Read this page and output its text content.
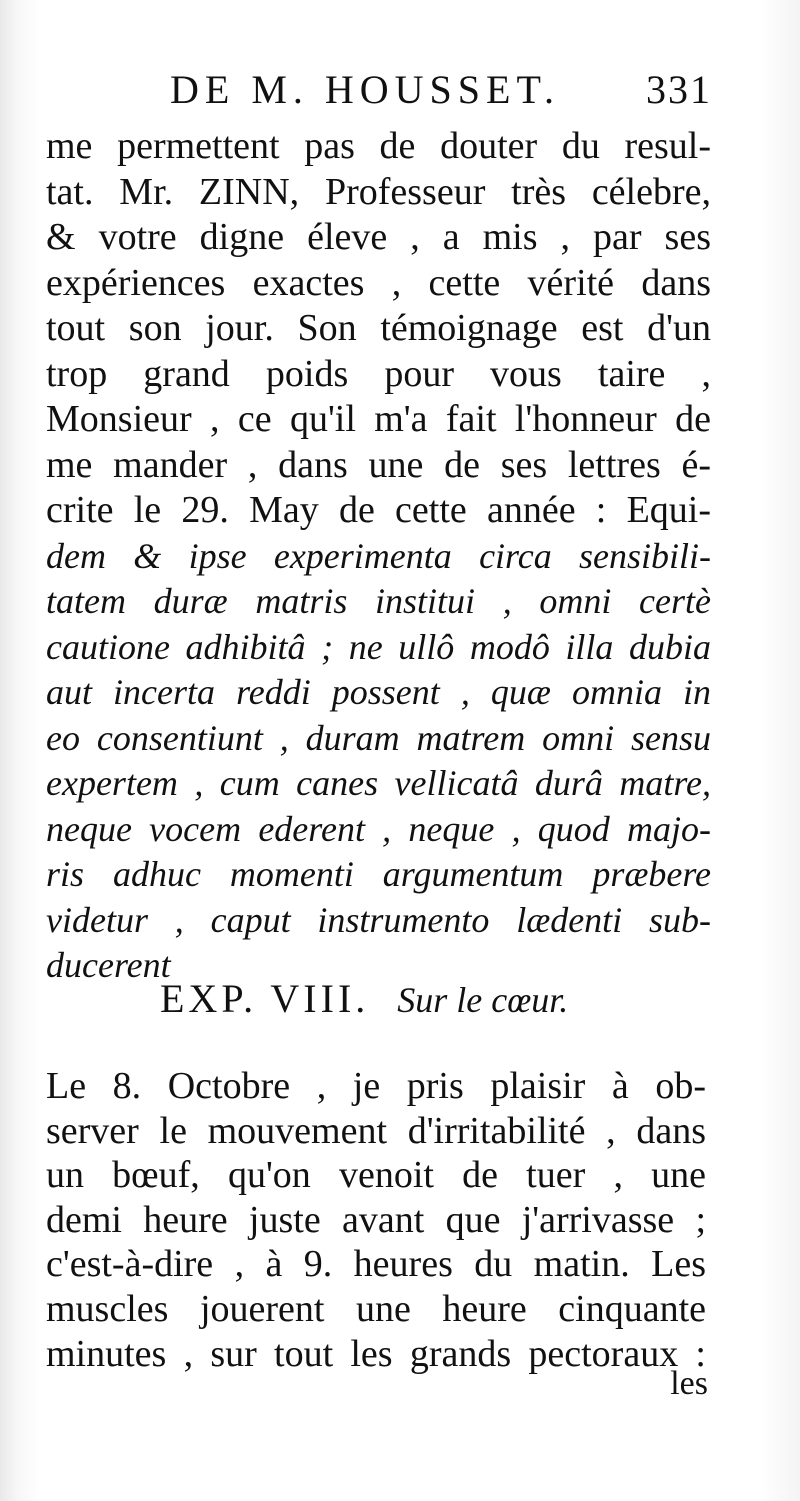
DE M. HOUSSET. 331
me permettent pas de douter du resul-
tat. Mr. ZINN, Professeur très célebre,
& votre digne éleve , a mis , par ses
expériences exactes , cette vérité dans
tout son jour. Son témoignage est d'un
trop grand poids pour vous taire ,
Monsieur , ce qu'il m'a fait l'honneur de
me mander , dans une de ses lettres é-
crite le 29. May de cette année : Equi-
dem & ipse experimenta circa sensibili-
tatem duræ matris institui , omni certè
cautione adhibitâ ; ne ullô modô illa dubia
aut incerta reddi possent , quæ omnia in
eo consentiunt , duram matrem omni sensu
expertem , cum canes vellicatâ durâ matre,
neque vocem ederent , neque , quod majo-
ris adhuc momenti argumentum præbere
videtur , caput instrumento lædenti sub-
ducerent
EXP. VIII. Sur le cœur.
Le 8. Octobre , je pris plaisir à ob-
server le mouvement d'irritabilité , dans
un bœuf, qu'on venoit de tuer , une
demi heure juste avant que j'arrivasse ;
c'est-à-dire , à 9. heures du matin. Les
muscles jouerent une heure cinquante
minutes , sur tout les grands pectoraux :
les
